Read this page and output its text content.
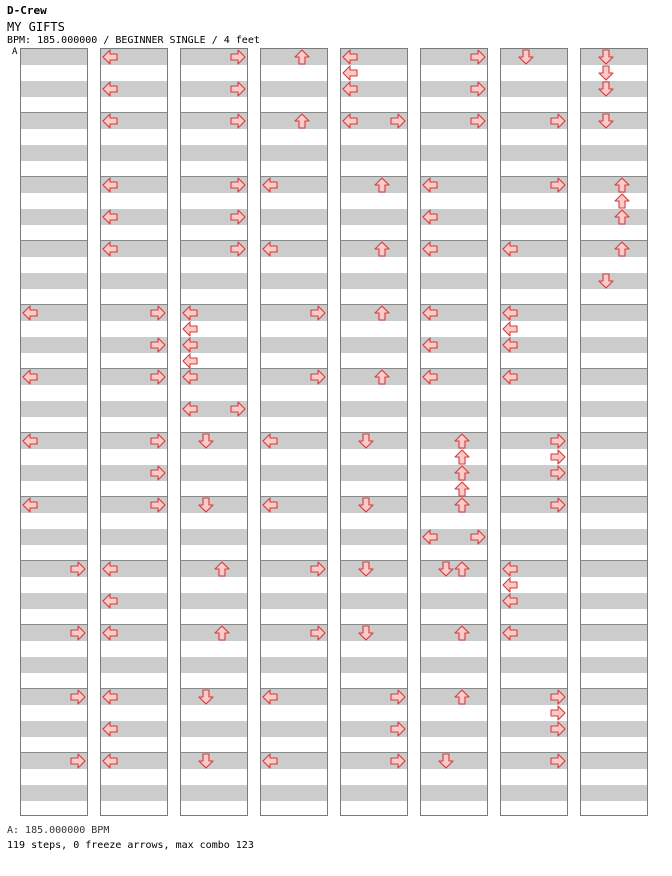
D-Crew
MY GIFTS
BPM: 185.000000 / BEGINNER SINGLE / 4 feet
A
A: 185.000000 BPM
119 steps, 0 freeze arrows, max combo 123
